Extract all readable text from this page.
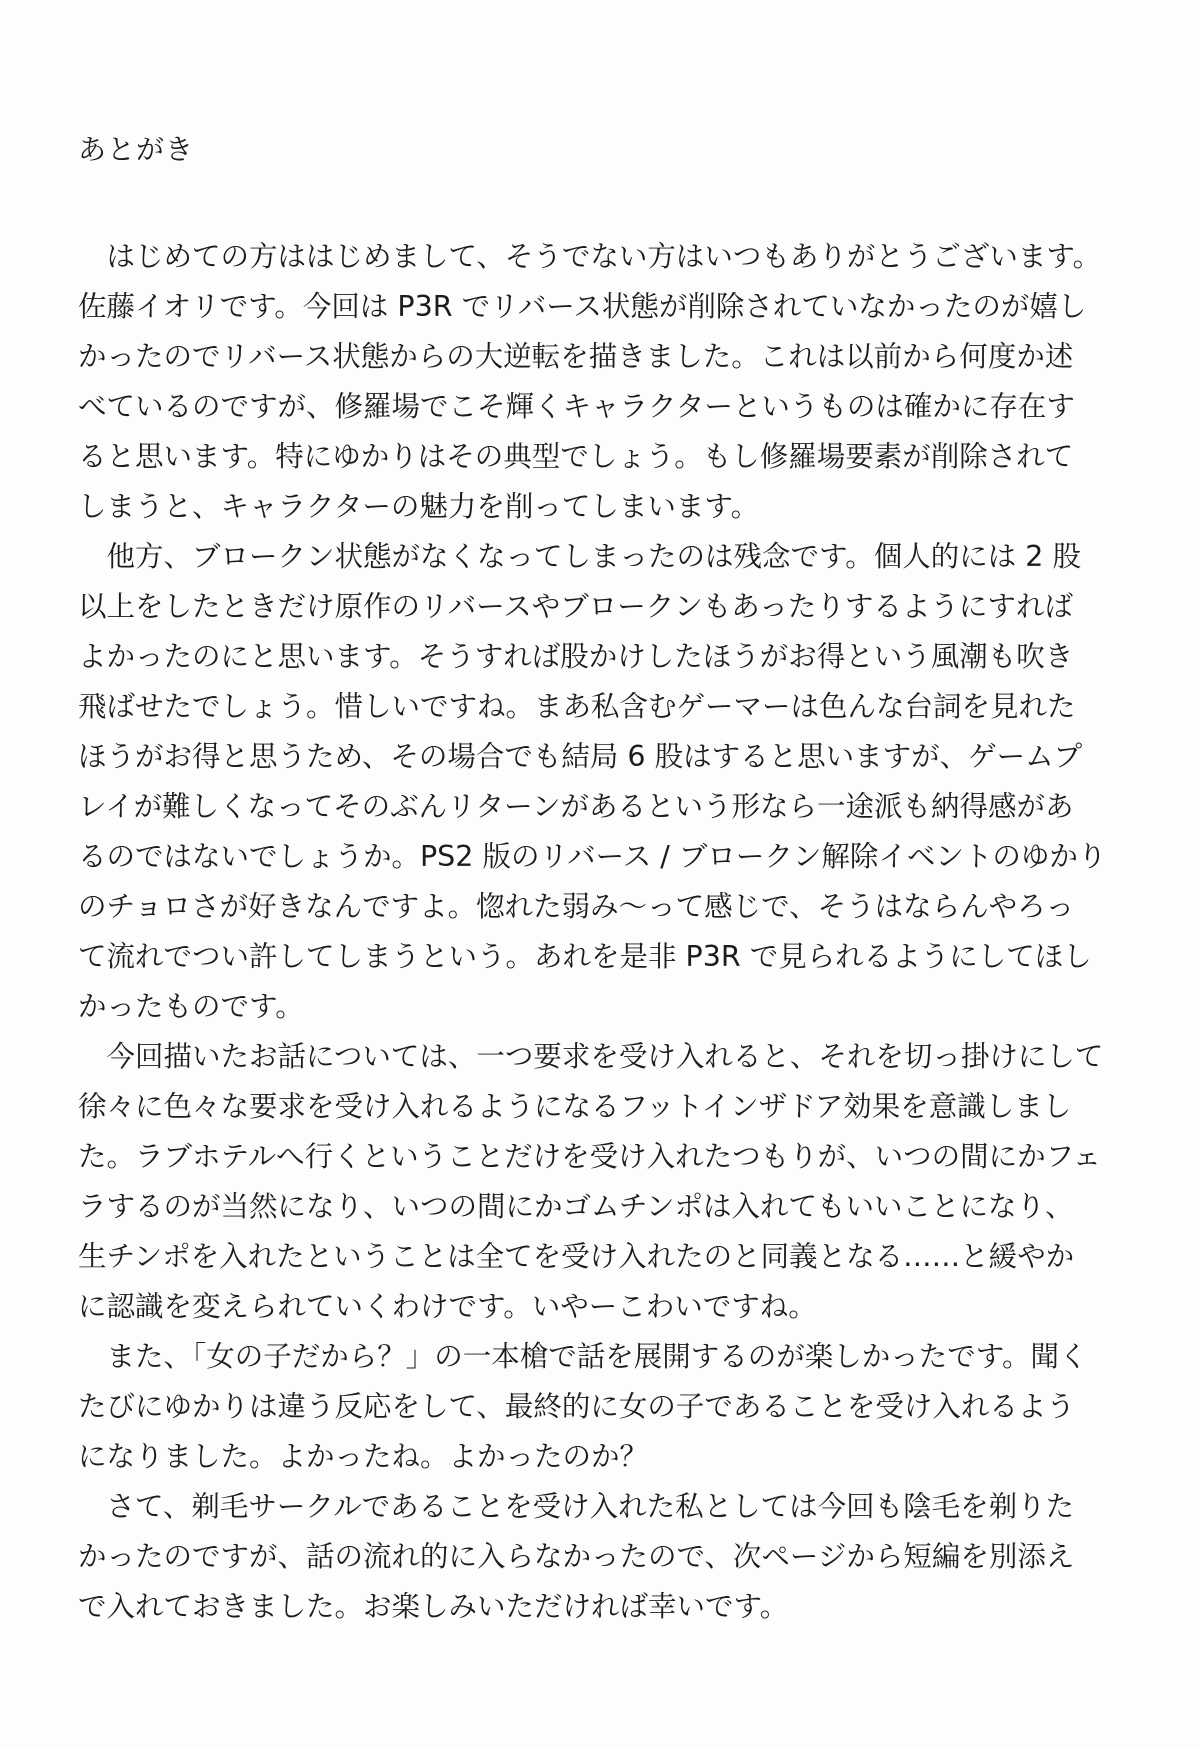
あとがき
　はじめての方ははじめまして、そうでない方はいつもありがとうございます。
佐藤イオリです。今回は P3R でリバース状態が削除されていなかったのが嬉し
かったのでリバース状態からの大逆転を描きました。これは以前から何度か述
べているのですが、修羅場でこそ輝くキャラクターというものは確かに存在す
ると思います。特にゆかりはその典型でしょう。もし修羅場要素が削除されて
しまうと、キャラクターの魅力を削ってしまいます。
　他方、ブロークン状態がなくなってしまったのは残念です。個人的には 2 股
以上をしたときだけ原作のリバースやブロークンもあったりするようにすれば
よかったのにと思います。そうすれば股かけしたほうがお得という風潮も吹き
飛ばせたでしょう。惜しいですね。まあ私含むゲーマーは色んな台詞を見れた
ほうがお得と思うため、その場合でも結局 6 股はすると思いますが、ゲームプ
レイが難しくなってそのぶんリターンがあるという形なら一途派も納得感があ
るのではないでしょうか。PS2 版のリバース / ブロークン解除イベントのゆかり
のチョロさが好きなんですよ。惚れた弱み～って感じで、そうはならんやろっ
て流れでつい許してしまうという。あれを是非 P3R で見られるようにしてほし
かったものです。
　今回描いたお話については、一つ要求を受け入れると、それを切っ掛けにして
徐々に色々な要求を受け入れるようになるフットインザドア効果を意識しまし
た。ラブホテルへ行くということだけを受け入れたつもりが、いつの間にかフェ
ラするのが当然になり、いつの間にかゴムチンポは入れてもいいことになり、
生チンポを入れたということは全てを受け入れたのと同義となる……と緩やか
に認識を変えられていくわけです。いやーこわいですね。
　また、「女の子だから？」の一本槍で話を展開するのが楽しかったです。聞く
たびにゆかりは違う反応をして、最終的に女の子であることを受け入れるよう
になりました。よかったね。よかったのか？
　さて、剃毛サークルであることを受け入れた私としては今回も陰毛を剃りた
かったのですが、話の流れ的に入らなかったので、次ページから短編を別添え
で入れておきました。お楽しみいただければ幸いです。
